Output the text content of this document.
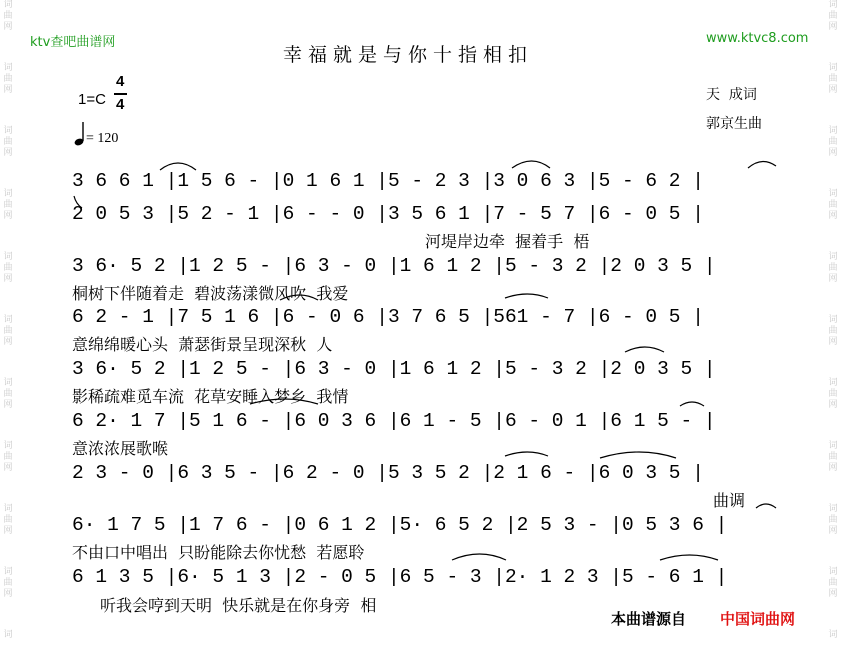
词
曲
网
词
曲
网
词
曲
网
词
曲
网
词
曲
网
词
曲
网
词
曲
网
词
曲
网
词
曲
网
词
曲
网
词
词
曲
网
词
曲
网
词
曲
网
词
曲
网
词
曲
网
词
曲
网
词
曲
网
词
曲
网
词
曲
网
词
曲
网
词
ktv查吧曲谱网	www.ktvc8.com
幸福就是与你十指相扣
天  成词
郭京生曲
1=C
4
4
= 120
3 6 6 1 |1 5 6 - |0 1 6 1 |5 - 2 3 |3 0 6 3 |5 - 6 2 |
2 0 5 3 |5 2 - 1 |6 - - 0 |3 5 6 1 |7 - 5 7 |6 - 0 5 |
河堤岸边牵  握着手  梧
3 6· 5 2 |1 2 5 - |6 3 - 0 |1 6 1 2 |5 - 3 2 |2 0 3 5 |
桐树下伴随着走  碧波荡漾微风吹  我爱
6 2 - 1 |7 5 1 6 |6 - 0 6 |3 7 6 5 |561 - 7 |6 - 0 5 |
意绵绵暖心头  萧瑟街景呈现深秋  人
3 6· 5 2 |1 2 5 - |6 3 - 0 |1 6 1 2 |5 - 3 2 |2 0 3 5 |
影稀疏难觅车流  花草安睡入梦乡  我情
6 2· 1 7 |5 1 6 - |6 0 3 6 |6 1 - 5 |6 - 0 1 |6 1 5 - |
意浓浓展歌喉
2 3 - 0 |6 3 5 - |6 2 - 0 |5 3 5 2 |2 1 6 - |6 0 3 5 |
曲调
6· 1 7 5 |1 7 6 - |0 6 1 2 |5· 6 5 2 |2 5 3 - |0 5 3 6 |
不由口中唱出  只盼能除去你忧愁  若愿聆
6 1 3 5 |6· 5 1 3 |2 - 0 5 |6 5 - 3 |2· 1 2 3 |5 - 6 1 |
听我会哼到天明  快乐就是在你身旁  相
本曲谱源自 中国词曲网
